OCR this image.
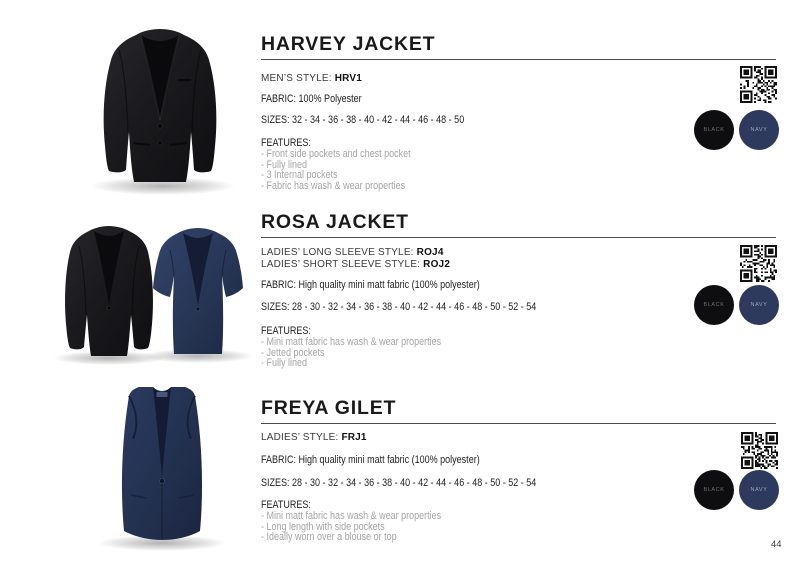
HARVEY JACKET
MEN’S STYLE: HRV1
FABRIC: 100% Polyester
SIZES: 32 - 34 - 36 - 38 - 40 - 42 - 44 - 46 - 48 - 50
FEATURES:
- Front side pockets and chest pocket
- Fully lined
- 3 Internal pockets
- Fabric has wash & wear properties
BLACK	NAVY
ROSA JACKET
LADIES’ LONG SLEEVE STYLE: ROJ4
LADIES’ SHORT SLEEVE STYLE: ROJ2
FABRIC: High quality mini matt fabric (100% polyester)
SIZES: 28 - 30 - 32 - 34 - 36 - 38 - 40 - 42 - 44 - 46 - 48 - 50 - 52 - 54
FEATURES:
- Mini matt fabric has wash & wear properties
- Jetted pockets
- Fully lined
BLACK	NAVY
FREYA GILET
LADIES’ STYLE: FRJ1
FABRIC: High quality mini matt fabric (100% polyester)
SIZES: 28 - 30 - 32 - 34 - 36 - 38 - 40 - 42 - 44 - 46 - 48 - 50 - 52 - 54
FEATURES:
- Mini matt fabric has wash & wear properties
- Long length with side pockets
- Ideally worn over a blouse or top
BLACK	NAVY
44
